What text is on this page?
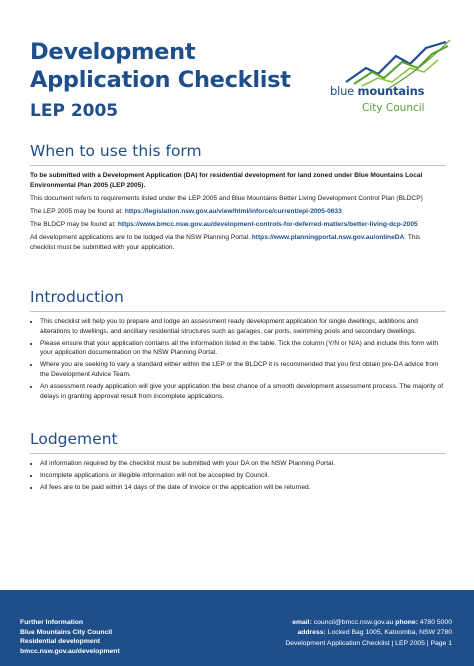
Development
Application Checklist
LEP 2005
blue mountains
City Council
When to use this form

To be submitted with a Development Application (DA) for residential development for land zoned under Blue Mountains Local Environmental Plan 2005 (LEP 2005).

This document refers to requirements listed under the LEP 2005 and Blue Mountains Better Living Development Control Plan (BLDCP)

The LEP 2005 may be found at: https://legislation.nsw.gov.au/view/html/inforce/current/epi-2005-0633

The BLDCP may be found at: https://www.bmcc.nsw.gov.au/development-controls-for-deferred-matters/better-living-dcp-2005

All development applications are to be lodged via the NSW Planning Portal. https://www.planningportal.nsw.gov.au/onlineDA. This checklist must be submitted with your application.

Introduction
• This checklist will help you to prepare and lodge an assessment ready development application for single dwellings, additions and alterations to dwellings, and ancillary residential structures such as garages, car ports, swimming pools and secondary dwellings.
• Please ensure that your application contains all the information listed in the table. Tick the column (Y/N or N/A) and include this form with your application documentation on the NSW Planning Portal.
• Where you are seeking to vary a standard either within the LEP or the BLDCP it is recommended that you first obtain pre-DA advice from the Development Advice Team.
• An assessment ready application will give your application the best chance of a smooth development assessment process. The majority of delays in granting approval result from incomplete applications.
Lodgement
• All information required by the checklist must be submitted with your DA on the NSW Planning Portal.
• Incomplete applications or illegible information will not be accepted by Council.
• All fees are to be paid within 14 days of the date of invoice or the application will be returned.
Further Information
Blue Mountains City Council
Residential development
bmcc.nsw.gov.au/development
email: council@bmcc.nsw.gov.au phone: 4780 5000
address: Locked Bag 1005, Katoomba, NSW 2780
Development Application Checklist | LEP 2005 | Page 1
